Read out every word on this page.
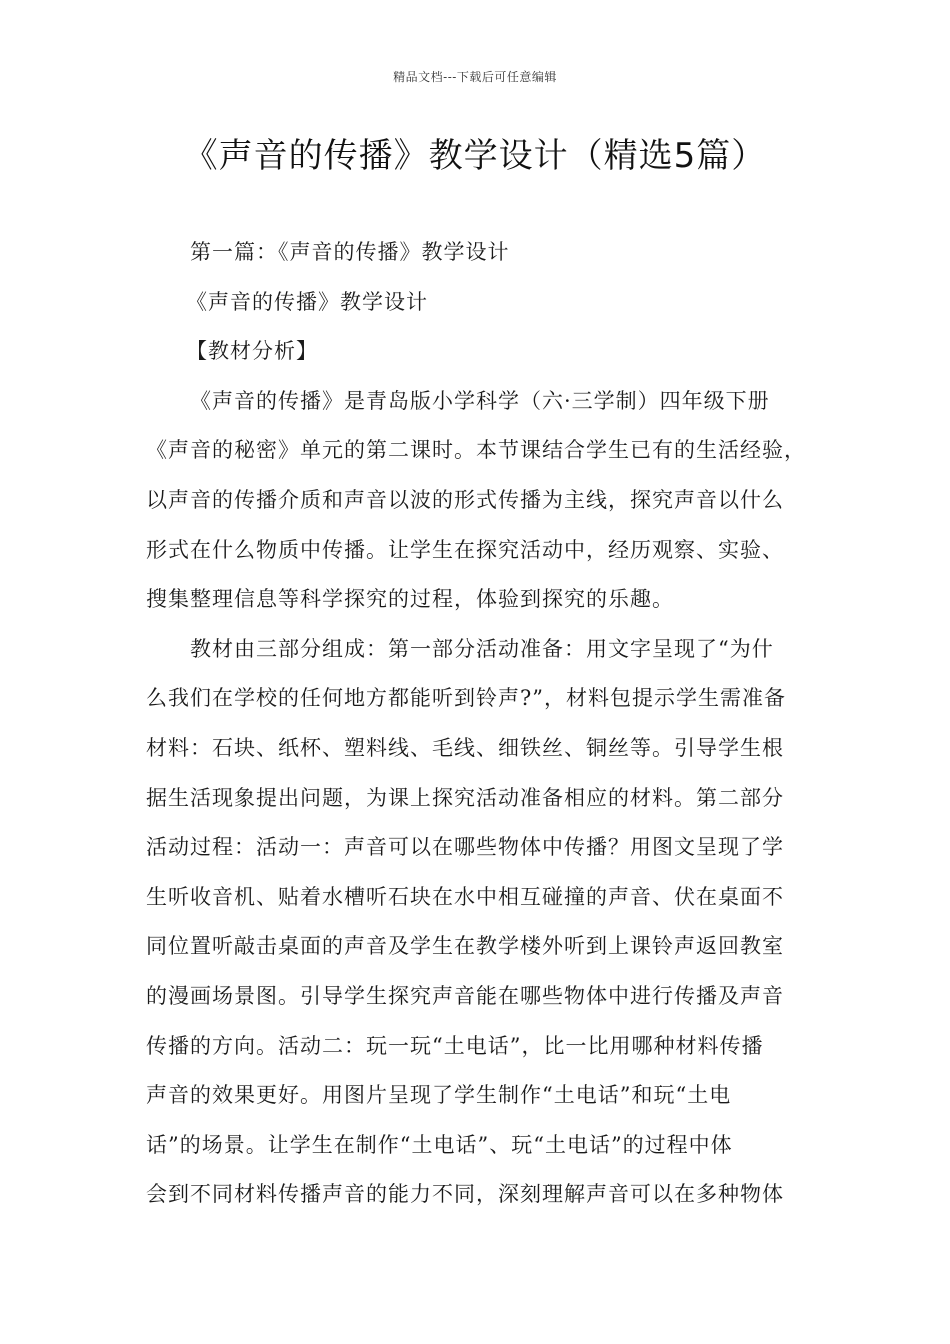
精品文档---下载后可任意编辑
《声音的传播》教学设计（精选5篇）
第一篇：《声音的传播》教学设计
《声音的传播》教学设计
【教材分析】
《声音的传播》是青岛版小学科学（六·三学制）四年级下册
《声音的秘密》单元的第二课时。本节课结合学生已有的生活经验，
以声音的传播介质和声音以波的形式传播为主线，探究声音以什么
形式在什么物质中传播。让学生在探究活动中，经历观察、实验、
搜集整理信息等科学探究的过程，体验到探究的乐趣。
教材由三部分组成：第一部分活动准备：用文字呈现了“为什
么我们在学校的任何地方都能听到铃声?”，材料包提示学生需准备
材料：石块、纸杯、塑料线、毛线、细铁丝、铜丝等。引导学生根
据生活现象提出问题，为课上探究活动准备相应的材料。第二部分
活动过程：活动一：声音可以在哪些物体中传播？用图文呈现了学
生听收音机、贴着水槽听石块在水中相互碰撞的声音、伏在桌面不
同位置听敲击桌面的声音及学生在教学楼外听到上课铃声返回教室
的漫画场景图。引导学生探究声音能在哪些物体中进行传播及声音
传播的方向。活动二：玩一玩“土电话”，比一比用哪种材料传播
声音的效果更好。用图片呈现了学生制作“土电话”和玩“土电
话”的场景。让学生在制作“土电话”、玩“土电话”的过程中体
会到不同材料传播声音的能力不同，深刻理解声音可以在多种物体
